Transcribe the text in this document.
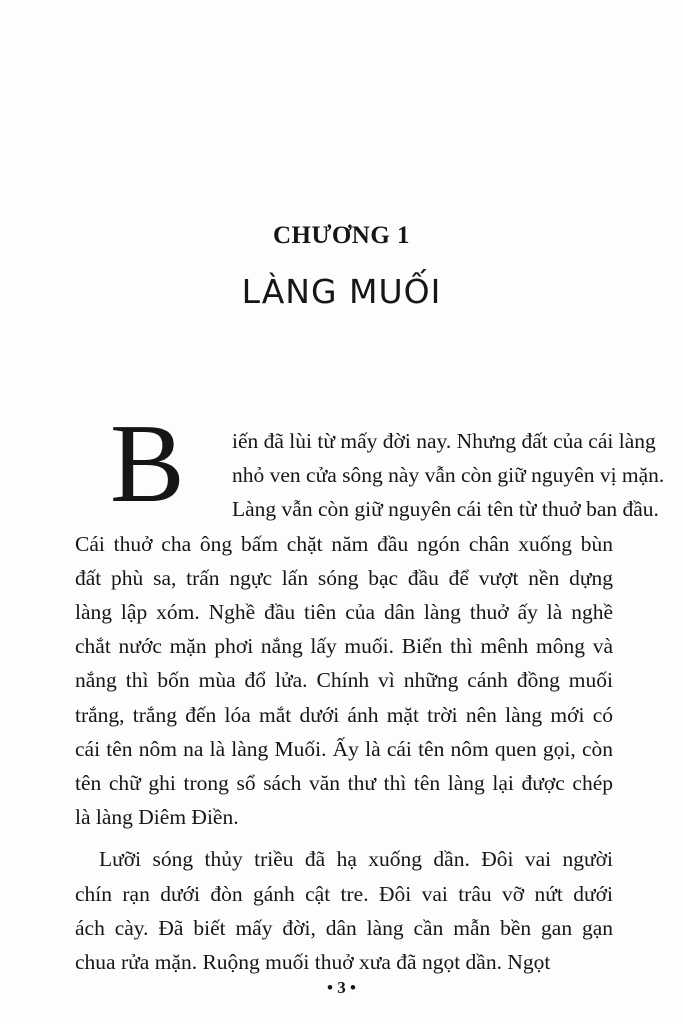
CHƯƠNG 1
LÀNG MUỐI
B iến đã lùi từ mấy đời nay. Nhưng đất của cái làng
nhỏ ven cửa sông này vẫn còn giữ nguyên vị mặn.
Làng vẫn còn giữ nguyên cái tên từ thuở ban đầu.
Cái thuở cha ông bấm chặt năm đầu ngón chân xuống bùn
đất phù sa, trấn ngực lấn sóng bạc đầu để vượt nền dựng
làng lập xóm. Nghề đầu tiên của dân làng thuở ấy là nghề
chắt nước mặn phơi nắng lấy muối. Biển thì mênh mông và
nắng thì bốn mùa đổ lửa. Chính vì những cánh đồng muối
trắng, trắng đến lóa mắt dưới ánh mặt trời nên làng mới có
cái tên nôm na là làng Muối. Ấy là cái tên nôm quen gọi, còn
tên chữ ghi trong sổ sách văn thư thì tên làng lại được chép
là làng Diêm Điền.
Lưỡi sóng thủy triều đã hạ xuống dần. Đôi vai người
chín rạn dưới đòn gánh cật tre. Đôi vai trâu vỡ nứt dưới
ách cày. Đã biết mấy đời, dân làng cần mẫn bền gan gạn
chua rửa mặn. Ruộng muối thuở xưa đã ngọt dần. Ngọt
• 3 •
